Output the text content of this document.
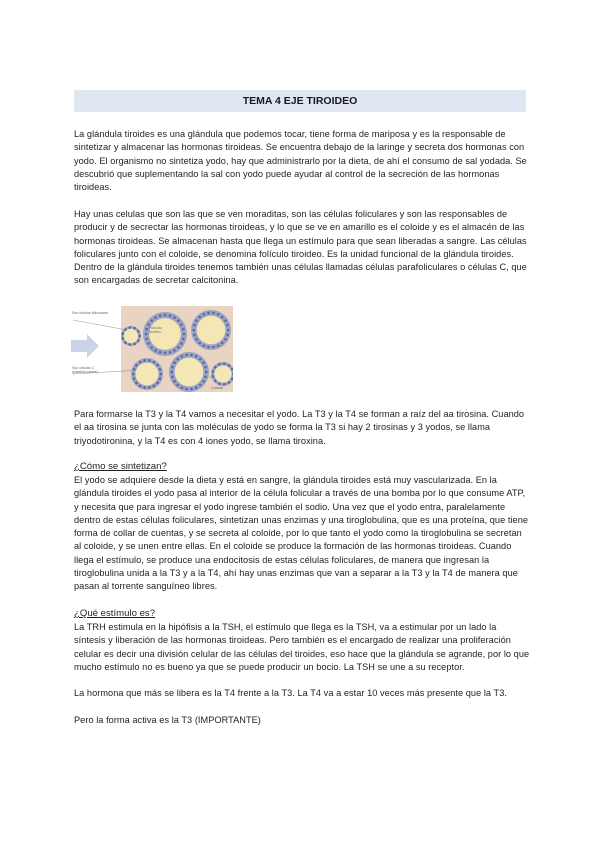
TEMA 4 EJE TIROIDEO

La glándula tiroides es una glándula que podemos tocar, tiene forma de mariposa y es la responsable de sintetizar y almacenar las hormonas tiroideas. Se encuentra debajo de la laringe y secreta dos hormonas con yodo. El organismo no sintetiza yodo, hay que administrarlo por la dieta, de ahí el consumo de sal yodada. Se descubrió que suplementando la sal con yodo puede ayudar al control de la secreción de las hormonas tiroideas.

Hay unas celulas que son las que se ven moraditas, son las células foliculares y son las responsables de producir y de secrectar las hormonas tiroideas, y lo que se ve en amarillo es el coloide y es el almacén de las hormonas tiroideas. Se almacenan hasta que llega un estímulo para que sean liberadas a sangre. Las células foliculares junto con el coloide, se denomina folículo tiroideo. Es la unidad funcional de la glándula tiroides. Dentro de la glándula tiroides tenemos también unas células llamadas células parafoliculares o células C, que son encargadas de secretar calcitonina.

Son células foliculares
Folículo tiroideo
Son células C (parafoliculares)
Coloide

Para formarse la T3 y la T4 vamos a necesitar el yodo. La T3 y la T4 se forman a raíz del aa tirosina. Cuando el aa tirosina se junta con las moléculas de yodo se forma la T3 si hay 2 tirosinas y 3 yodos, se llama triyodotironina, y la T4 es con 4 iones yodo, se llama tiroxina.

¿Cómo se sintetizan?

El yodo se adquiere desde la dieta y está en sangre, la glándula tiroides está muy vascularizada. En la glándula tiroides el yodo pasa al interior de la célula folicular a través de una bomba por lo que consume ATP, y necesita que para ingresar el yodo ingrese también el sodio. Una vez que el yodo entra, paralelamente dentro de estas células foliculares, sintetizan unas enzimas y una tiroglobulina, que es una proteína, que tiene forma de collar de cuentas, y se secreta al coloide, por lo que tanto el yodo como la tiroglobulina se secretan al coloide, y se unen entre ellas. En el coloide se produce la formación de las hormonas tiroideas. Cuando llega el estímulo, se produce una endocitosis de estas células foliculares, de manera que ingresan la tiroglobulina unida a la T3 y a la T4, ahí hay unas enzimas que van a separar a la T3 y la T4 de manera que pasan al torrente sanguíneo libres.

¿Qué estímulo es?

La TRH estimula en la hipófisis a la TSH, el estímulo que llega es la TSH, va a estimular por un lado la síntesis y liberación de las hormonas tiroideas. Pero también es el encargado de realizar una proliferación celular es decir una división celular de las células del tiroides, eso hace que la glándula se agrande, por lo que mucho estímulo no es bueno ya que se puede producir un bocio. La TSH se une a su receptor.

La hormona que más se libera es la T4 frente a la T3. La T4 va a estar 10 veces más presente que la T3.

Pero la forma activa es la T3 (IMPORTANTE)
